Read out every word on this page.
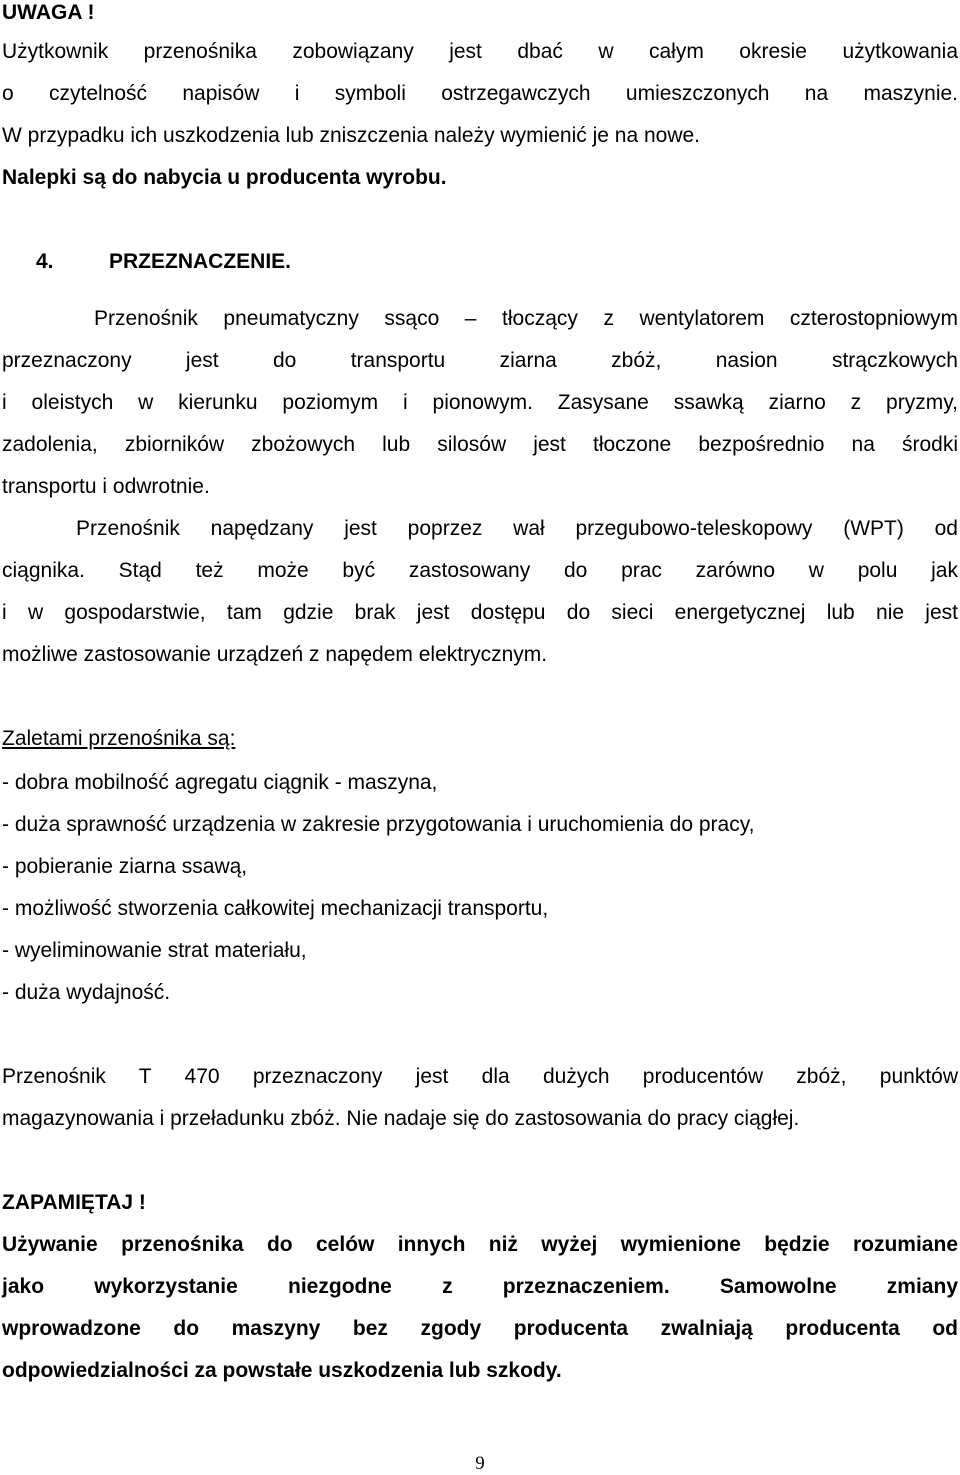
UWAGA !
Użytkownik przenośnika zobowiązany jest dbać w całym okresie użytkowania
o czytelność napisów i symboli ostrzegawczych umieszczonych na maszynie.
W przypadku ich uszkodzenia lub zniszczenia należy wymienić je na nowe.
Nalepki są do nabycia u producenta wyrobu.
4.	PRZEZNACZENIE.
Przenośnik pneumatyczny ssąco – tłoczący z wentylatorem czterostopniowym
przeznaczony jest do transportu ziarna zbóż, nasion strączkowych
i oleistych w kierunku poziomym i pionowym. Zasysane ssawką ziarno z pryzmy,
zadolenia, zbiorników zbożowych lub silosów jest tłoczone bezpośrednio na środki
transportu i odwrotnie.
Przenośnik napędzany jest poprzez wał przegubowo-teleskopowy (WPT) od
ciągnika. Stąd też może być zastosowany do prac zarówno w polu jak
i w gospodarstwie, tam gdzie brak jest dostępu do sieci energetycznej lub nie jest
możliwe zastosowanie urządzeń z napędem elektrycznym.
Zaletami przenośnika są:
- dobra mobilność agregatu ciągnik - maszyna,
- duża sprawność urządzenia w zakresie przygotowania i uruchomienia do pracy,
- pobieranie ziarna ssawą,
- możliwość stworzenia całkowitej mechanizacji transportu,
- wyeliminowanie strat materiału,
- duża wydajność.
Przenośnik T 470 przeznaczony jest dla dużych producentów zbóż, punktów
magazynowania i przeładunku zbóż. Nie nadaje się do zastosowania do pracy ciągłej.
ZAPAMIĘTAJ !
Używanie przenośnika do celów innych niż wyżej wymienione będzie rozumiane
jako wykorzystanie niezgodne z przeznaczeniem. Samowolne zmiany
wprowadzone do maszyny bez zgody producenta zwalniają producenta od
odpowiedzialności za powstałe uszkodzenia lub szkody.
9
